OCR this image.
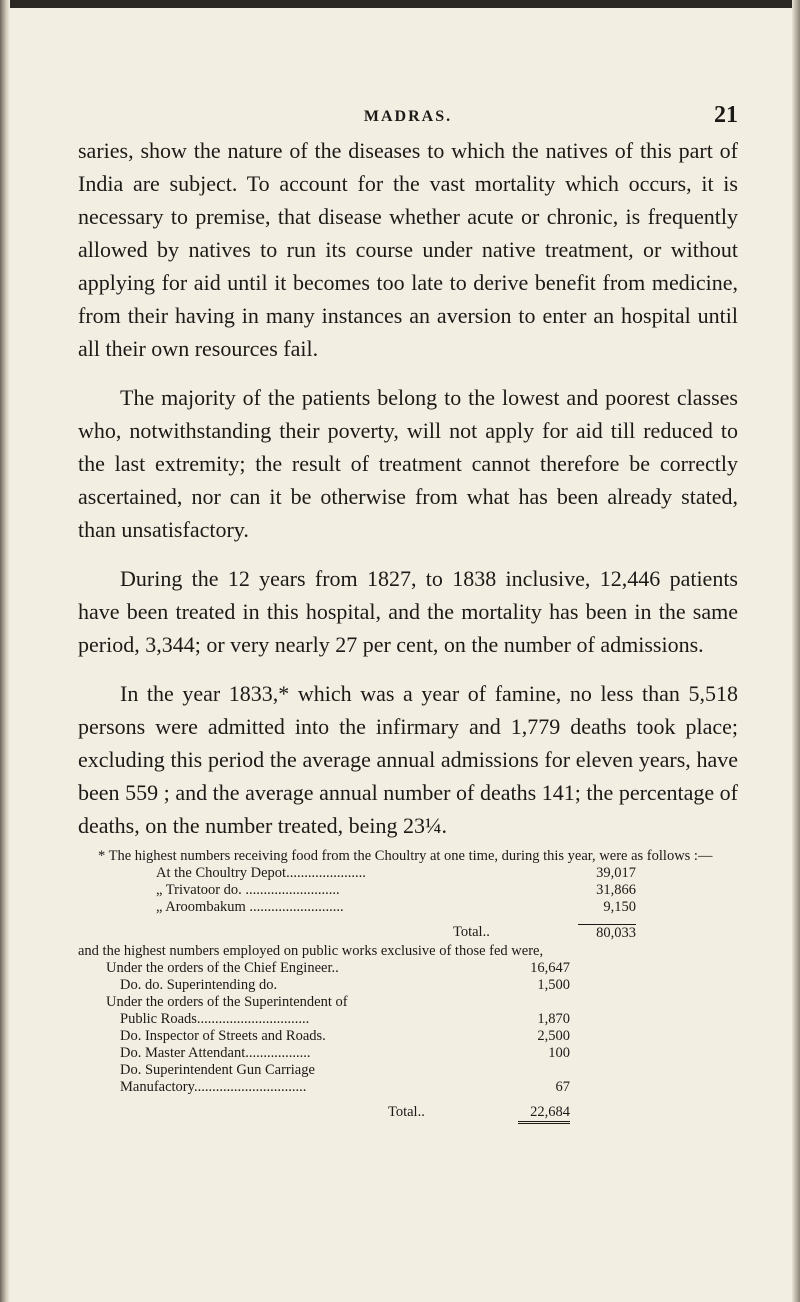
MADRAS.	21

saries, show the nature of the diseases to which the natives of this part of India are subject. To account for the vast mortality which occurs, it is necessary to premise, that disease whether acute or chronic, is frequently allowed by natives to run its course under native treatment, or without applying for aid until it becomes too late to derive benefit from medicine, from their having in many instances an aversion to enter an hospital until all their own resources fail.

The majority of the patients belong to the lowest and poorest classes who, notwithstanding their poverty, will not apply for aid till reduced to the last extremity; the result of treatment cannot therefore be correctly ascertained, nor can it be otherwise from what has been already stated, than unsatisfactory.

During the 12 years from 1827, to 1838 inclusive, 12,446 patients have been treated in this hospital, and the mortality has been in the same period, 3,344; or very nearly 27 per cent, on the number of admissions.

In the year 1833,* which was a year of famine, no less than 5,518 persons were admitted into the infirmary and 1,779 deaths took place; excluding this period the average annual admissions for eleven years, have been 559 ; and the average annual number of deaths 141; the percentage of deaths, on the number treated, being 23¼.

* The highest numbers receiving food from the Choultry at one time, during this year, were as follows :—

At the Choultry Depot......................	39,017
„ Trivatoor do. ..........................	31,866
„ Aroombakum ..........................	9,150
Total..	80,033

and the highest numbers employed on public works exclusive of those fed were,

Under the orders of the Chief Engineer..	16,647
Do. do. Superintending do.	1,500
Under the orders of the Superintendent of
Public Roads...............................	1,870
Do. Inspector of Streets and Roads.	2,500
Do. Master Attendant..................	100
Do. Superintendent Gun Carriage
Manufactory...............................	67
Total..	22,684
